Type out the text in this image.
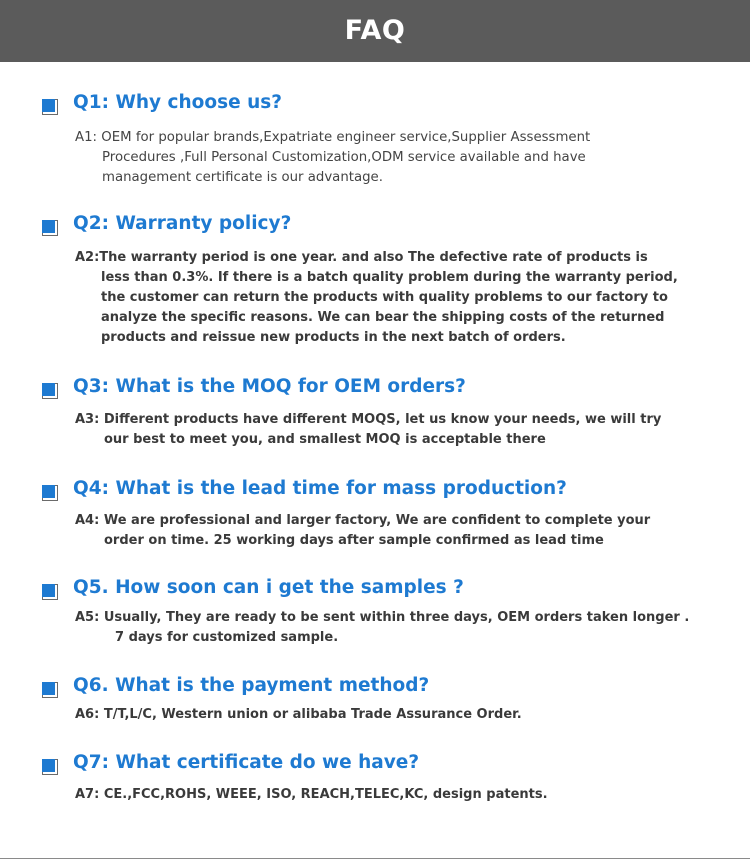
FAQ
Q1: Why choose us?
A1: OEM for popular brands,Expatriate engineer service,Supplier Assessment
Procedures ,Full Personal Customization,ODM service available and have
management certificate is our advantage.
Q2: Warranty policy?
A2:The warranty period is one year. and also The defective rate of products is
less than 0.3%. If there is a batch quality problem during the warranty period,
the customer can return the products with quality problems to our factory to
analyze the specific reasons. We can bear the shipping costs of the returned
products and reissue new products in the next batch of orders.
Q3: What is the MOQ for OEM orders?
A3: Different products have different MOQS, let us know your needs, we will try
our best to meet you, and smallest MOQ is acceptable there
Q4: What is the lead time for mass production?
A4: We are professional and larger factory, We are confident to complete your
order on time. 25 working days after sample confirmed as lead time
Q5. How soon can i get the samples ?
A5: Usually, They are ready to be sent within three days, OEM orders taken longer .
7 days for customized sample.
Q6. What is the payment method?
A6: T/T,L/C, Western union or alibaba Trade Assurance Order.
Q7: What certificate do we have?
A7: CE.,FCC,ROHS, WEEE, ISO, REACH,TELEC,KC, design patents.
